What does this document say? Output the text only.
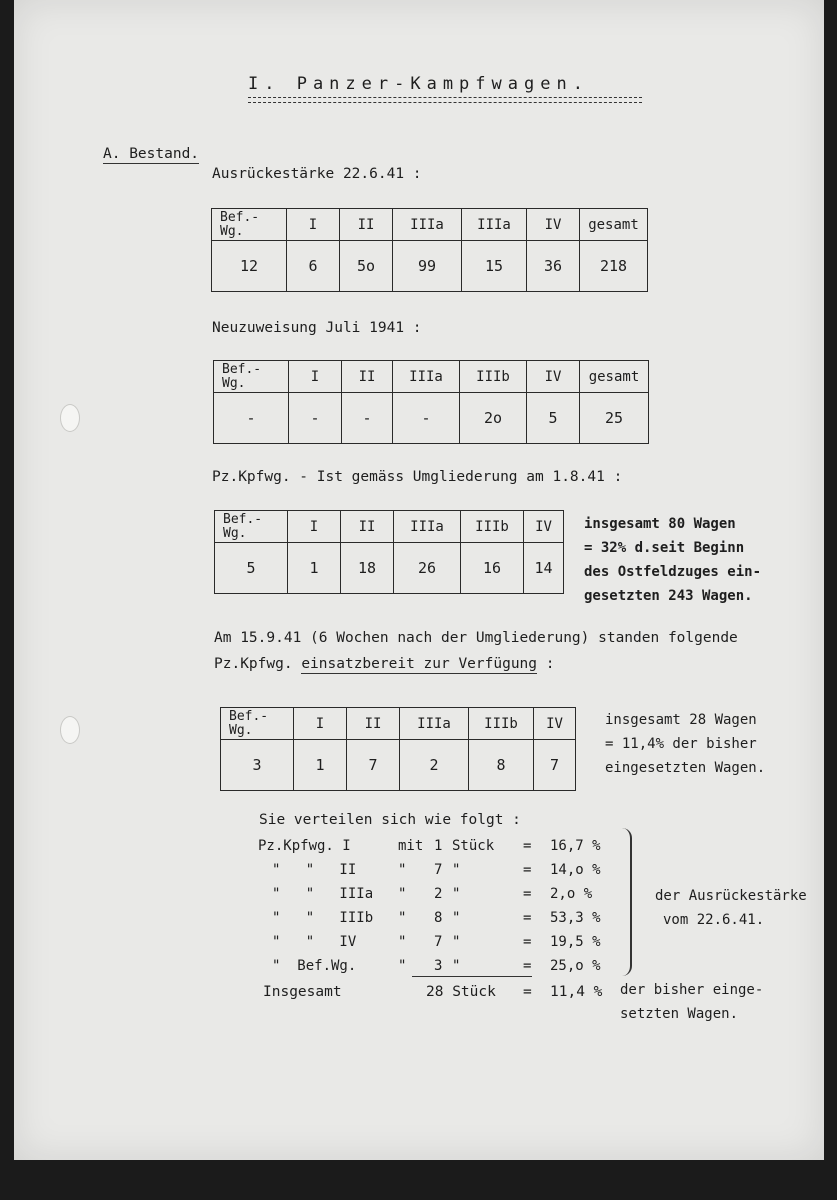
I. Panzer-Kampfwagen.
A. Bestand.
Ausrückestärke 22.6.41 :
Bef.-
Wg.	I	II	IIIa	IIIa	IV	gesamt
12	6	5o	99	15	36	218
Neuzuweisung Juli 1941 :
Bef.-
Wg.	I	II	IIIa	IIIb	IV	gesamt
-	-	-	-	2o	5	25
Pz.Kpfwg. - Ist gemäss Umgliederung am 1.8.41 :
Bef.-
Wg.	I	II	IIIa	IIIb	IV
5	1	18	26	16	14
insgesamt 80 Wagen
= 32% d.seit Beginn
des Ostfeldzuges ein-
gesetzten 243 Wagen.
Am 15.9.41 (6 Wochen nach der Umgliederung) standen folgende
Pz.Kpfwg. einsatzbereit zur Verfügung :
Bef.-
Wg.	I	II	IIIa	IIIb	IV
3	1	7	2	8	7
insgesamt 28 Wagen
= 11,4% der bisher
eingesetzten Wagen.
Sie verteilen sich wie folgt :
Pz.Kpfwg. I	mit 1 Stück = 16,7 %
"   "   II	" 7 "	= 14,o %
"   "   IIIa " 2 "	= 2,o %
"   "   IIIb " 8 "	= 53,3 %
"   "   IV	" 7 "	= 19,5 %
"  Bef.Wg.	" 3 "	= 25,o %
der Ausrückestärke
vom 22.6.41.
Insgesamt	28 Stück = 11,4 % der bisher einge-
setzten Wagen.
